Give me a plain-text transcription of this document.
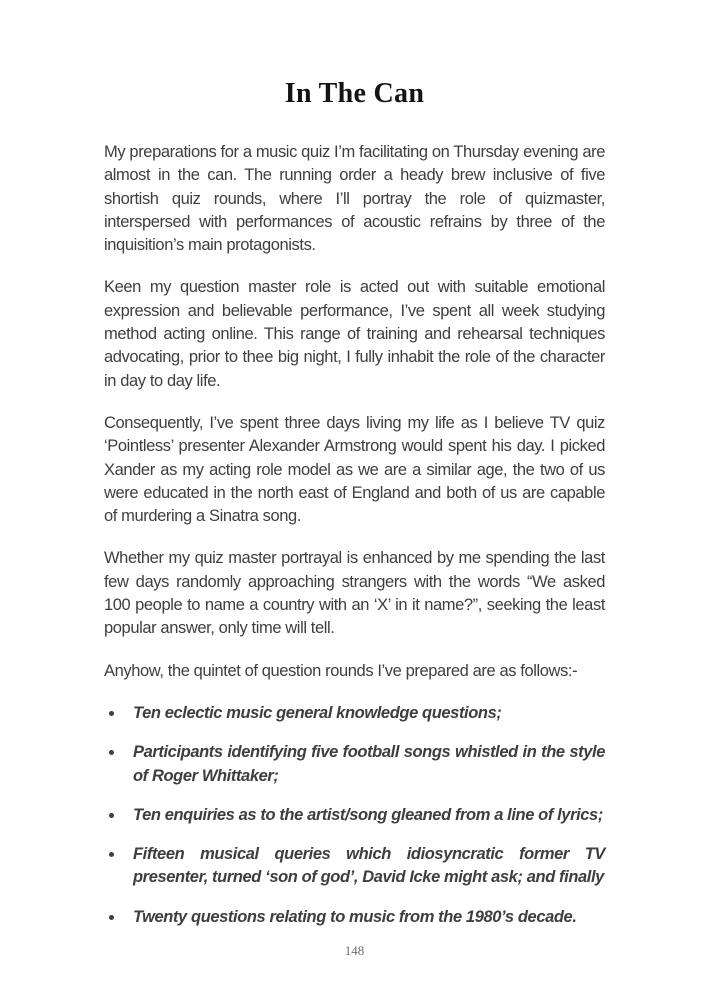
In The Can

My preparations for a music quiz I’m facilitating on Thursday evening are almost in the can. The running order a heady brew inclusive of five shortish quiz rounds, where I’ll portray the role of quizmaster, interspersed with performances of acoustic refrains by three of the inquisition’s main protagonists.

Keen my question master role is acted out with suitable emotional expression and believable performance, I’ve spent all week studying method acting online. This range of training and rehearsal techniques advocating, prior to thee big night, I fully inhabit the role of the character in day to day life.

Consequently, I’ve spent three days living my life as I believe TV quiz ‘Pointless’ presenter Alexander Armstrong would spent his day. I picked Xander as my acting role model as we are a similar age, the two of us were educated in the north east of England and both of us are capable of murdering a Sinatra song.

Whether my quiz master portrayal is enhanced by me spending the last few days randomly approaching strangers with the words “We asked 100 people to name a country with an ‘X’ in it name?”, seeking the least popular answer, only time will tell.

Anyhow, the quintet of question rounds I’ve prepared are as follows:-

Ten eclectic music general knowledge questions;
Participants identifying five football songs whistled in the style of Roger Whittaker;
Ten enquiries as to the artist/song gleaned from a line of lyrics;
Fifteen musical queries which idiosyncratic former TV presenter, turned ‘son of god’, David Icke might ask; and finally
Twenty questions relating to music from the 1980’s decade.
148
